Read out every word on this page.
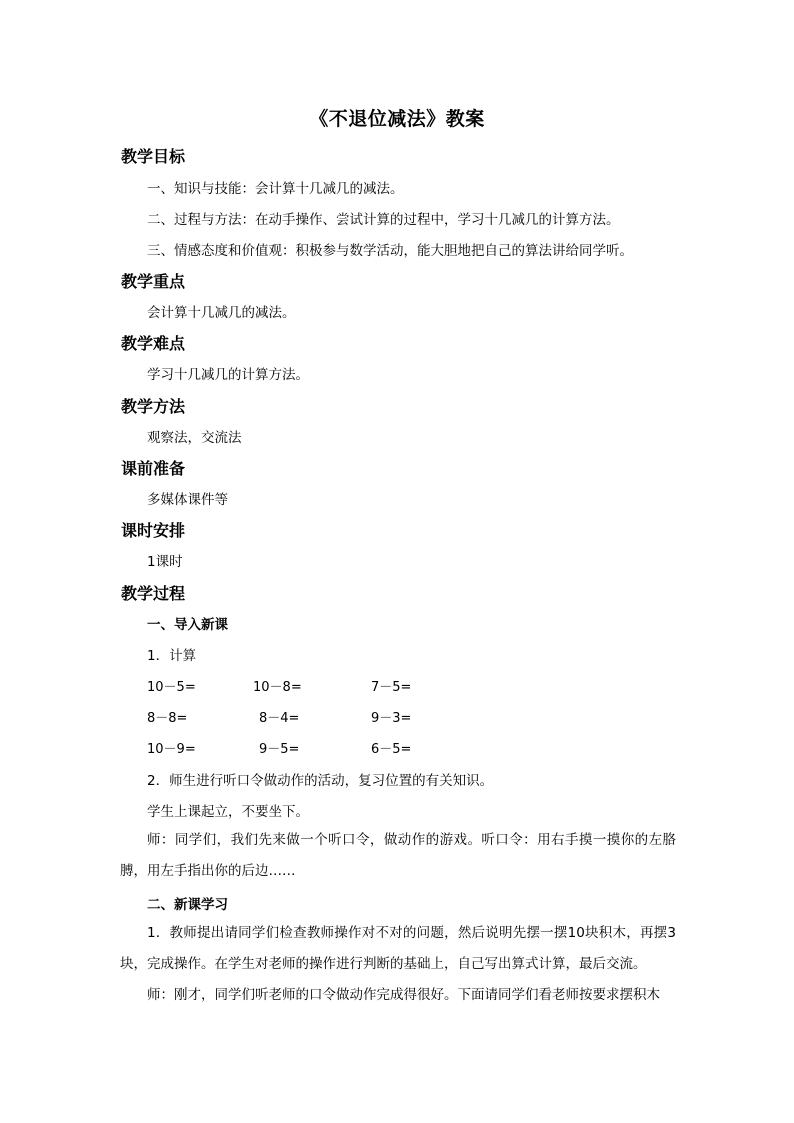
《不退位减法》教案
教学目标
一、知识与技能：会计算十几减几的减法。
二、过程与方法：在动手操作、尝试计算的过程中，学习十几减几的计算方法。
三、情感态度和价值观：积极参与数学活动，能大胆地把自己的算法讲给同学听。
教学重点
会计算十几减几的减法。
教学难点
学习十几减几的计算方法。
教学方法
观察法，交流法
课前准备
多媒体课件等
课时安排
1课时
教学过程
一、导入新课
1．计算
10－5=	10－8=	7－5=
8－8=	8－4=	9－3=
10－9=	9－5=	6－5=
2．师生进行听口令做动作的活动，复习位置的有关知识。
学生上课起立，不要坐下。
师：同学们，我们先来做一个听口令，做动作的游戏。听口令：用右手摸一摸你的左胳膊，用左手指出你的后边……
二、新课学习
1．教师提出请同学们检查教师操作对不对的问题，然后说明先摆一摆10块积木，再摆3块，完成操作。在学生对老师的操作进行判断的基础上，自己写出算式计算，最后交流。
师：刚才，同学们听老师的口令做动作完成得很好。下面请同学们看老师按要求摆积木
